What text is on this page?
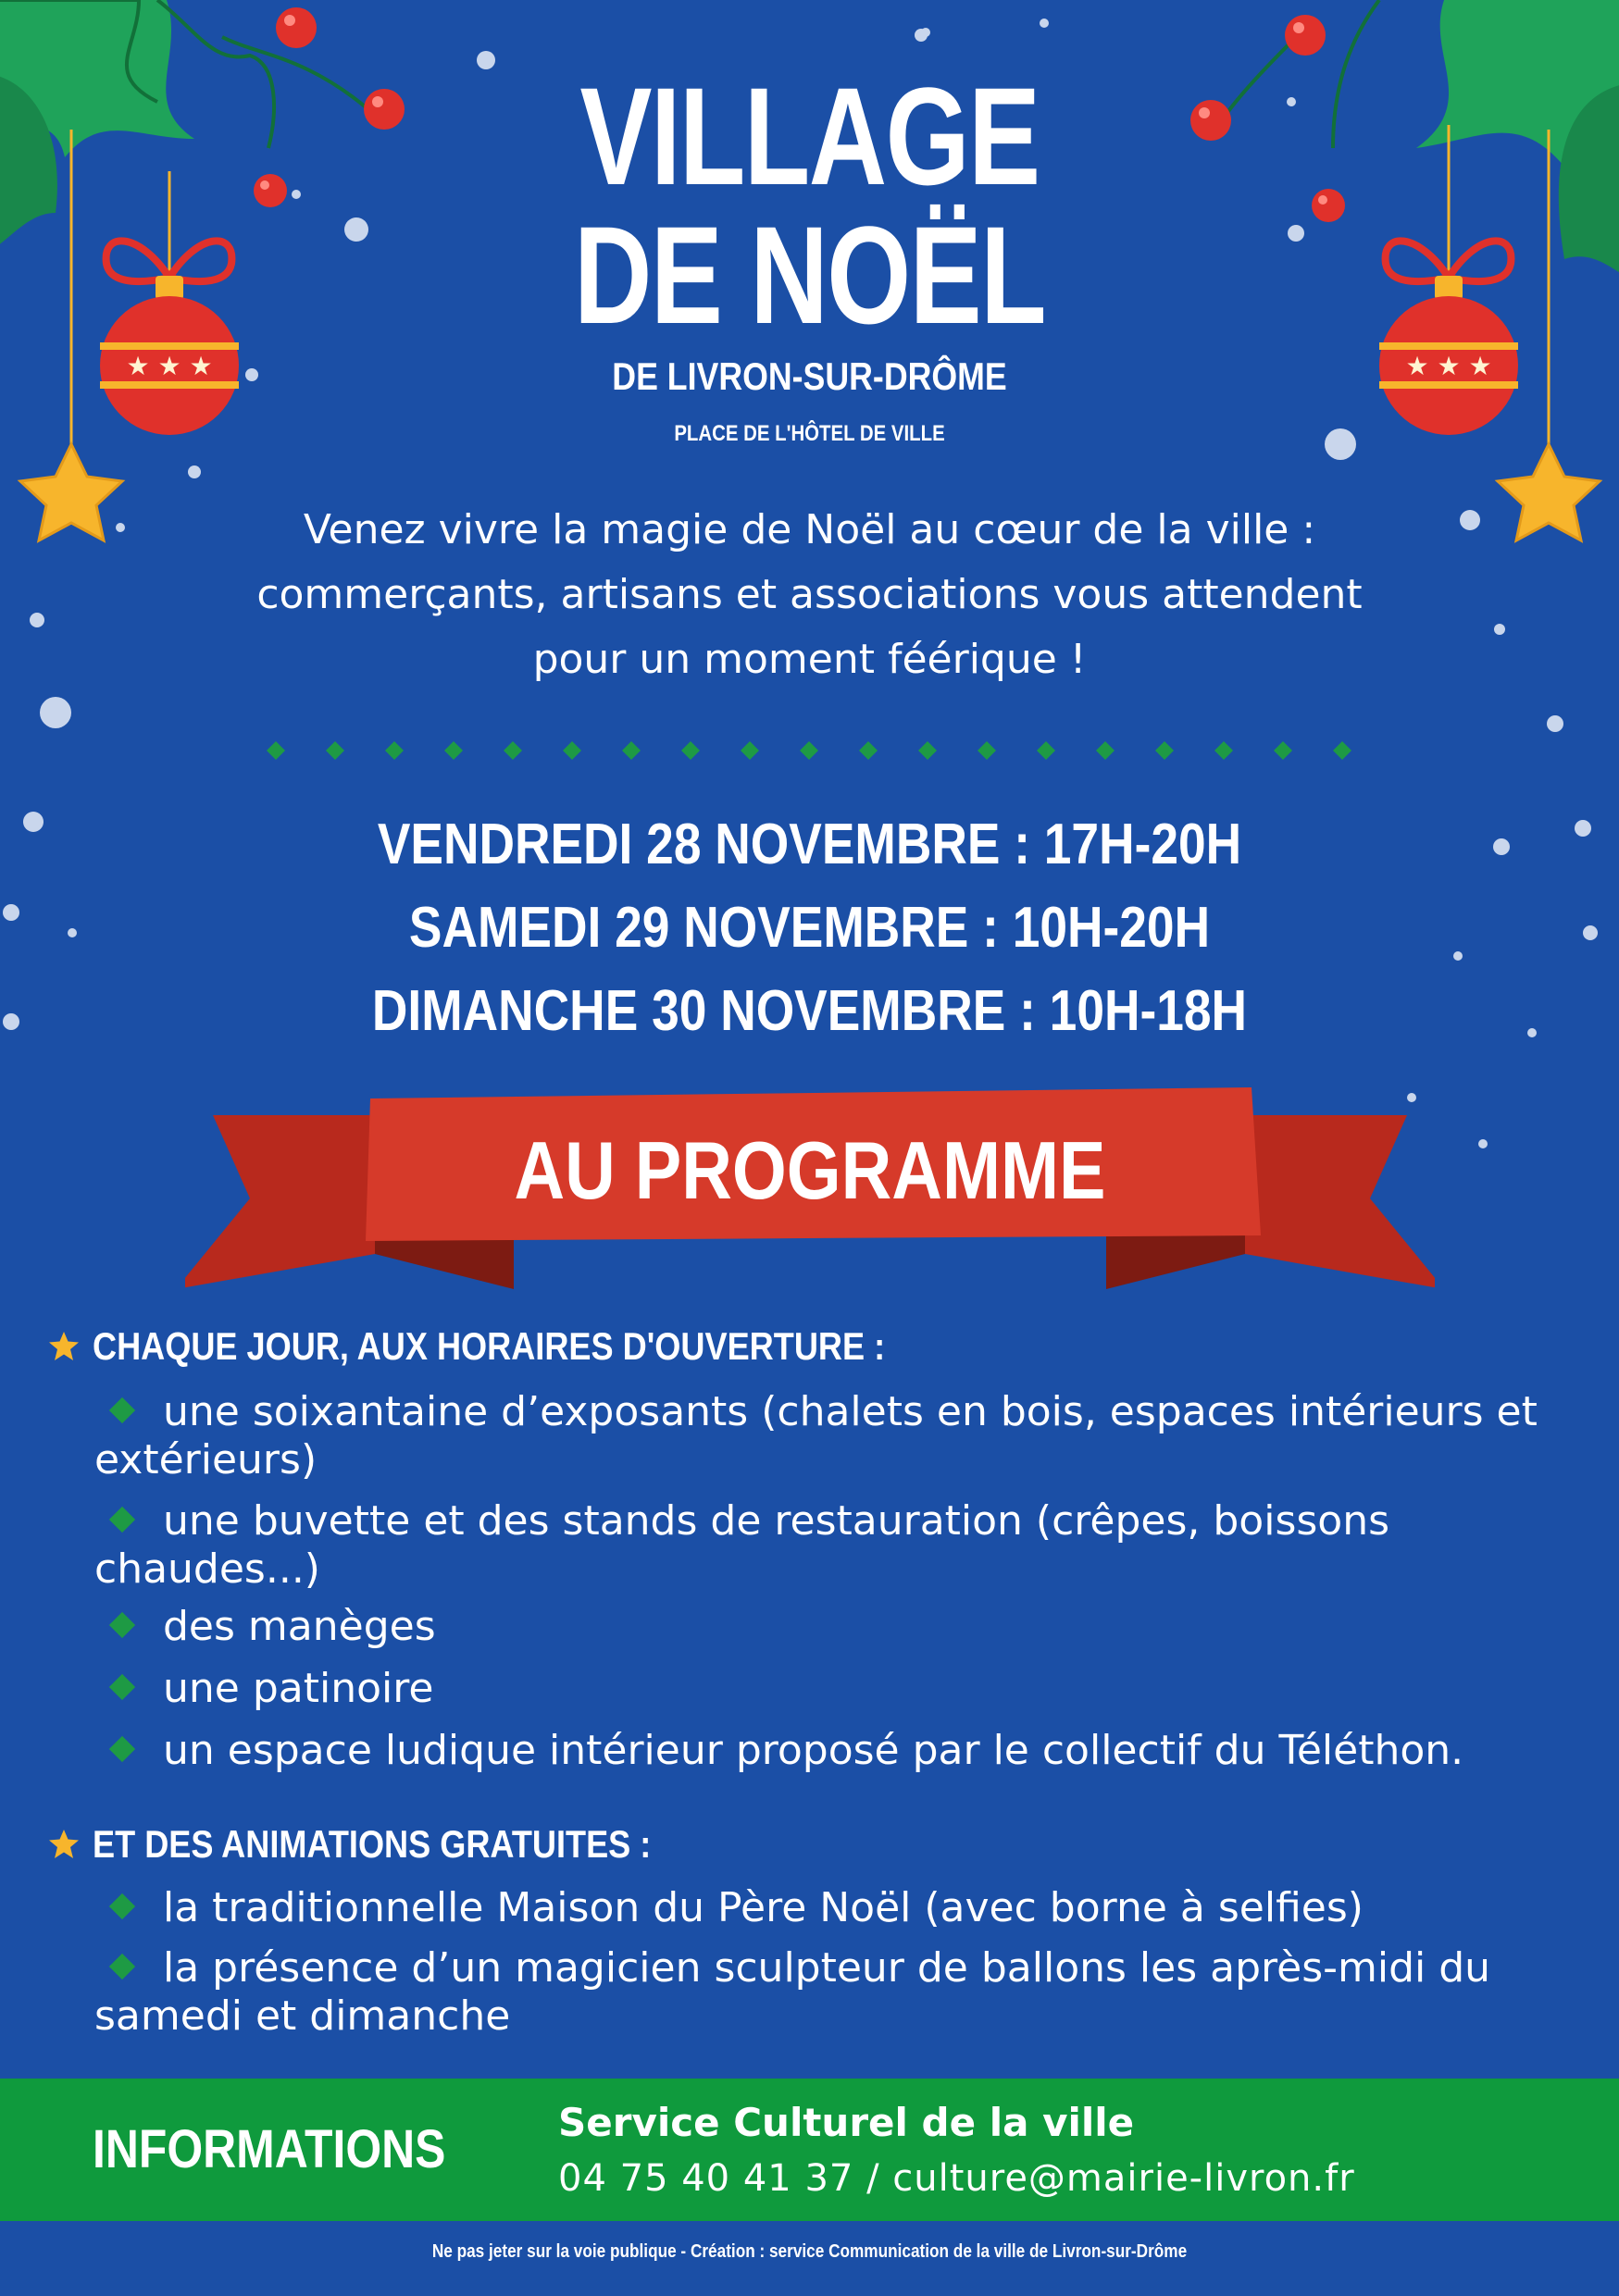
★ ★ ★	★ ★ ★
VILLAGE
DE NOËL
DE LIVRON-SUR-DRÔME
PLACE DE L'HÔTEL DE VILLE
Venez vivre la magie de Noël au cœur de la ville :
commerçants, artisans et associations vous attendent
pour un moment féérique !
VENDREDI 28 NOVEMBRE : 17H-20H
SAMEDI 29 NOVEMBRE : 10H-20H
DIMANCHE 30 NOVEMBRE : 10H-18H
AU PROGRAMME
CHAQUE JOUR, AUX HORAIRES D'OUVERTURE :
une soixantaine d’exposants (chalets en bois, espaces intérieurs et
extérieurs)
une buvette et des stands de restauration (crêpes, boissons
chaudes...)
des manèges
une patinoire
un espace ludique intérieur proposé par le collectif du Téléthon.
ET DES ANIMATIONS GRATUITES :
la traditionnelle Maison du Père Noël (avec borne à selfies)
la présence d’un magicien sculpteur de ballons les après-midi du
samedi et dimanche
INFORMATIONS	Service Culturel de la ville
04 75 40 41 37 / culture@mairie-livron.fr
Ne pas jeter sur la voie publique - Création : service Communication de la ville de Livron-sur-Drôme
